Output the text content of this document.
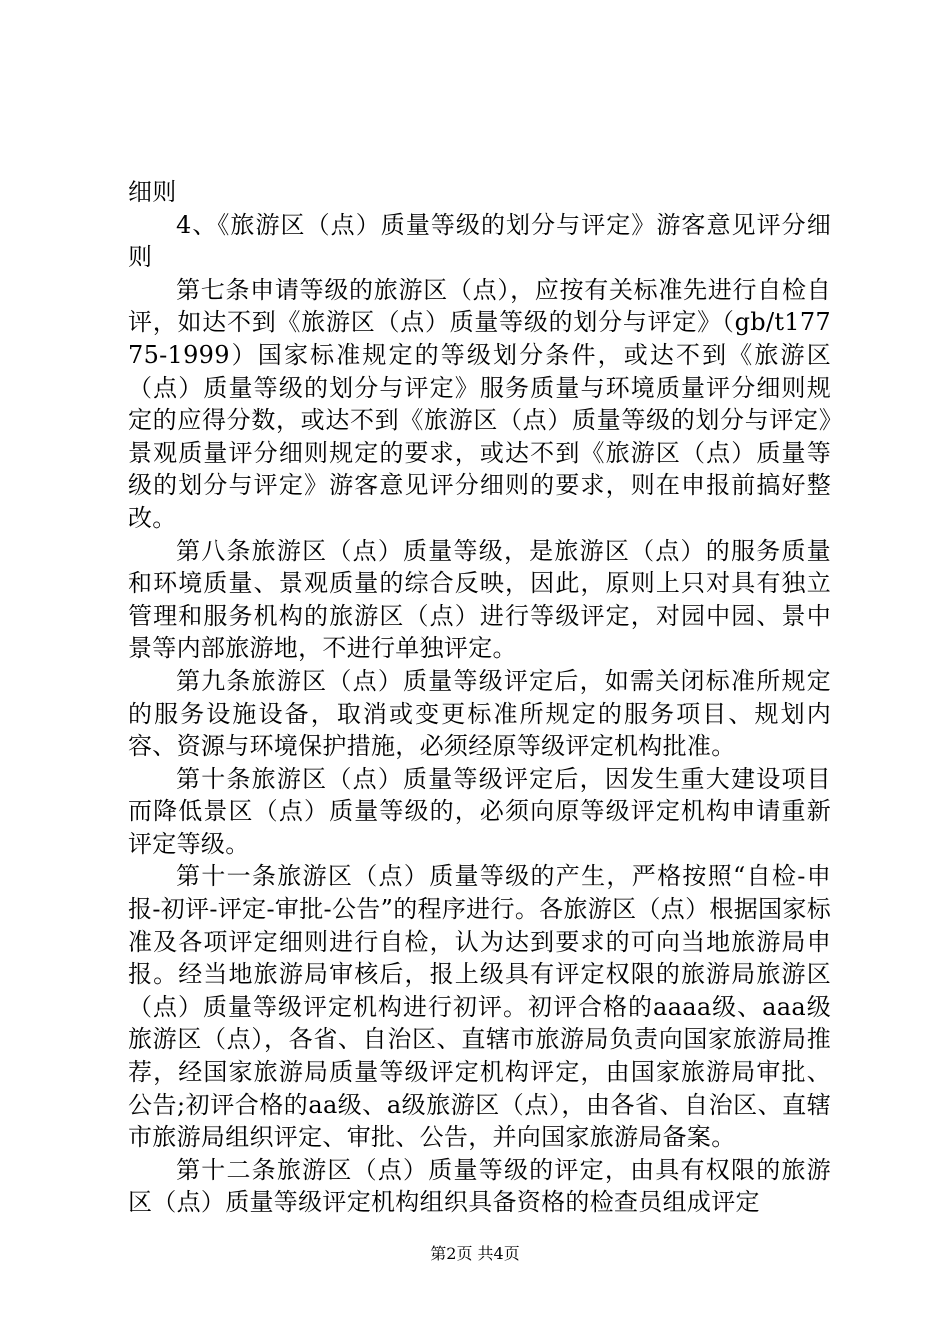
细则

4、《旅游区（点）质量等级的划分与评定》游客意见评分细则

第七条申请等级的旅游区（点），应按有关标准先进行自检自评，如达不到《旅游区（点）质量等级的划分与评定》（gb/t17775-1999）国家标准规定的等级划分条件，或达不到《旅游区（点）质量等级的划分与评定》服务质量与环境质量评分细则规定的应得分数，或达不到《旅游区（点）质量等级的划分与评定》景观质量评分细则规定的要求，或达不到《旅游区（点）质量等级的划分与评定》游客意见评分细则的要求，则在申报前搞好整改。

第八条旅游区（点）质量等级，是旅游区（点）的服务质量和环境质量、景观质量的综合反映，因此，原则上只对具有独立管理和服务机构的旅游区（点）进行等级评定，对园中园、景中景等内部旅游地，不进行单独评定。

第九条旅游区（点）质量等级评定后，如需关闭标准所规定的服务设施设备，取消或变更标准所规定的服务项目、规划内容、资源与环境保护措施，必须经原等级评定机构批准。

第十条旅游区（点）质量等级评定后，因发生重大建设项目而降低景区（点）质量等级的，必须向原等级评定机构申请重新评定等级。

第十一条旅游区（点）质量等级的产生，严格按照“自检-申报-初评-评定-审批-公告”的程序进行。各旅游区（点）根据国家标准及各项评定细则进行自检，认为达到要求的可向当地旅游局申报。经当地旅游局审核后，报上级具有评定权限的旅游局旅游区（点）质量等级评定机构进行初评。初评合格的aaaa级、aaa级旅游区（点），各省、自治区、直辖市旅游局负责向国家旅游局推荐，经国家旅游局质量等级评定机构评定，由国家旅游局审批、公告;初评合格的aa级、a级旅游区（点），由各省、自治区、直辖市旅游局组织评定、审批、公告，并向国家旅游局备案。

第十二条旅游区（点）质量等级的评定，由具有权限的旅游区（点）质量等级评定机构组织具备资格的检查员组成评定

第2页 共4页
